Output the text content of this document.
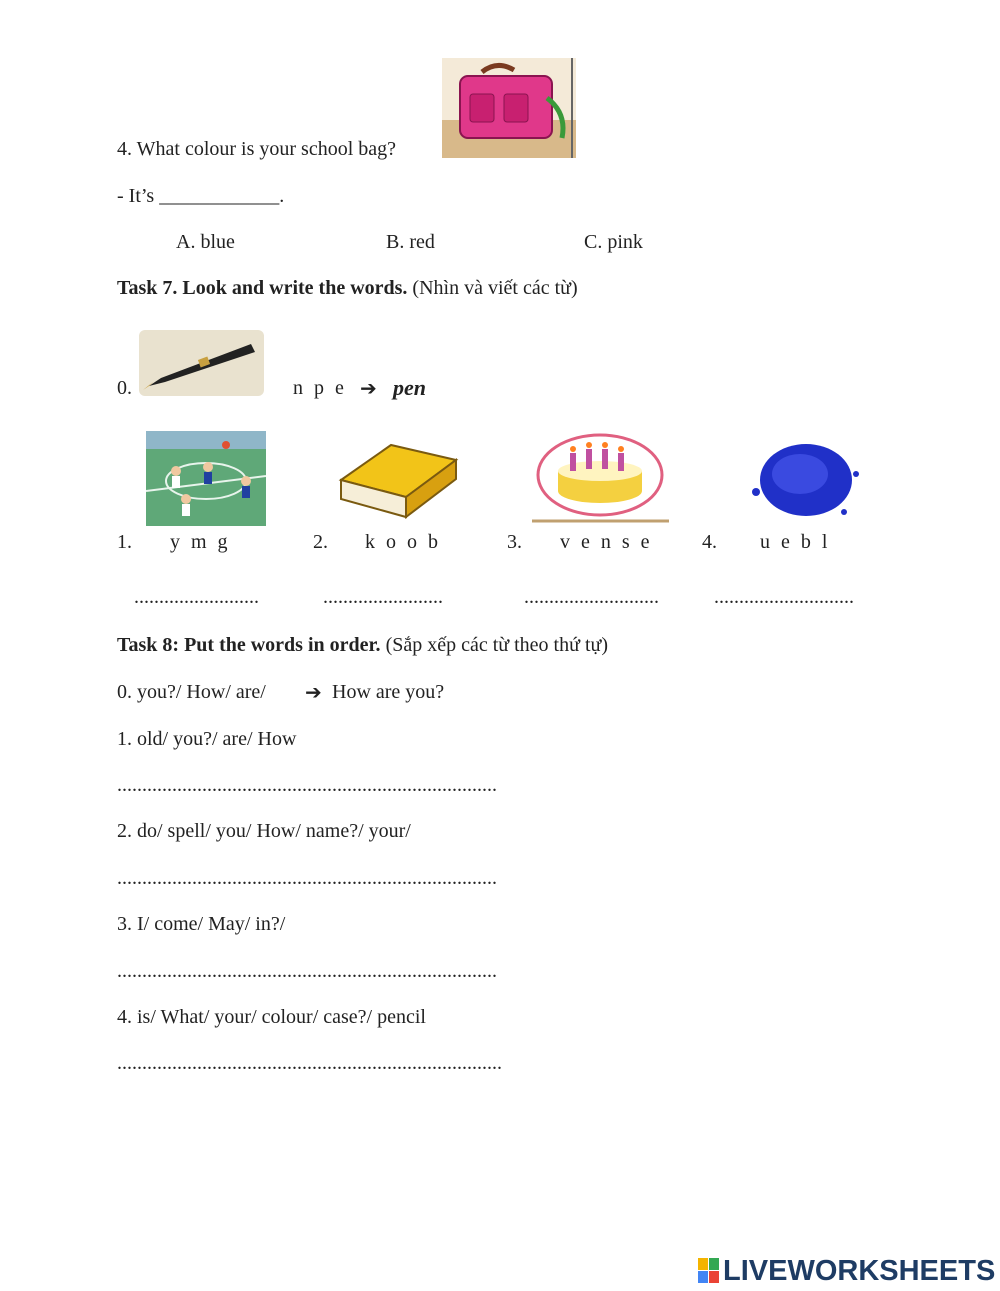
4. What colour is your school bag?
- It’s ____________.
A. blue	B. red	C. pink
Task 7. Look and write the words. (Nhìn và viết các từ)
0.	n p e ➔ pen
1. y m g	2. k o o b	3. v e n s e 4. u e b l
.........................	........................	...........................	............................
Task 8: Put the words in order. (Sắp xếp các từ theo thứ tự)
0. you?/ How/ are/ ➔ How are you?
1. old/ you?/ are/ How
............................................................................
2. do/ spell/ you/ How/ name?/ your/
............................................................................
3. I/ come/ May/ in?/
............................................................................
4. is/ What/ your/ colour/ case?/ pencil
.............................................................................
LIVEWORKSHEETS
